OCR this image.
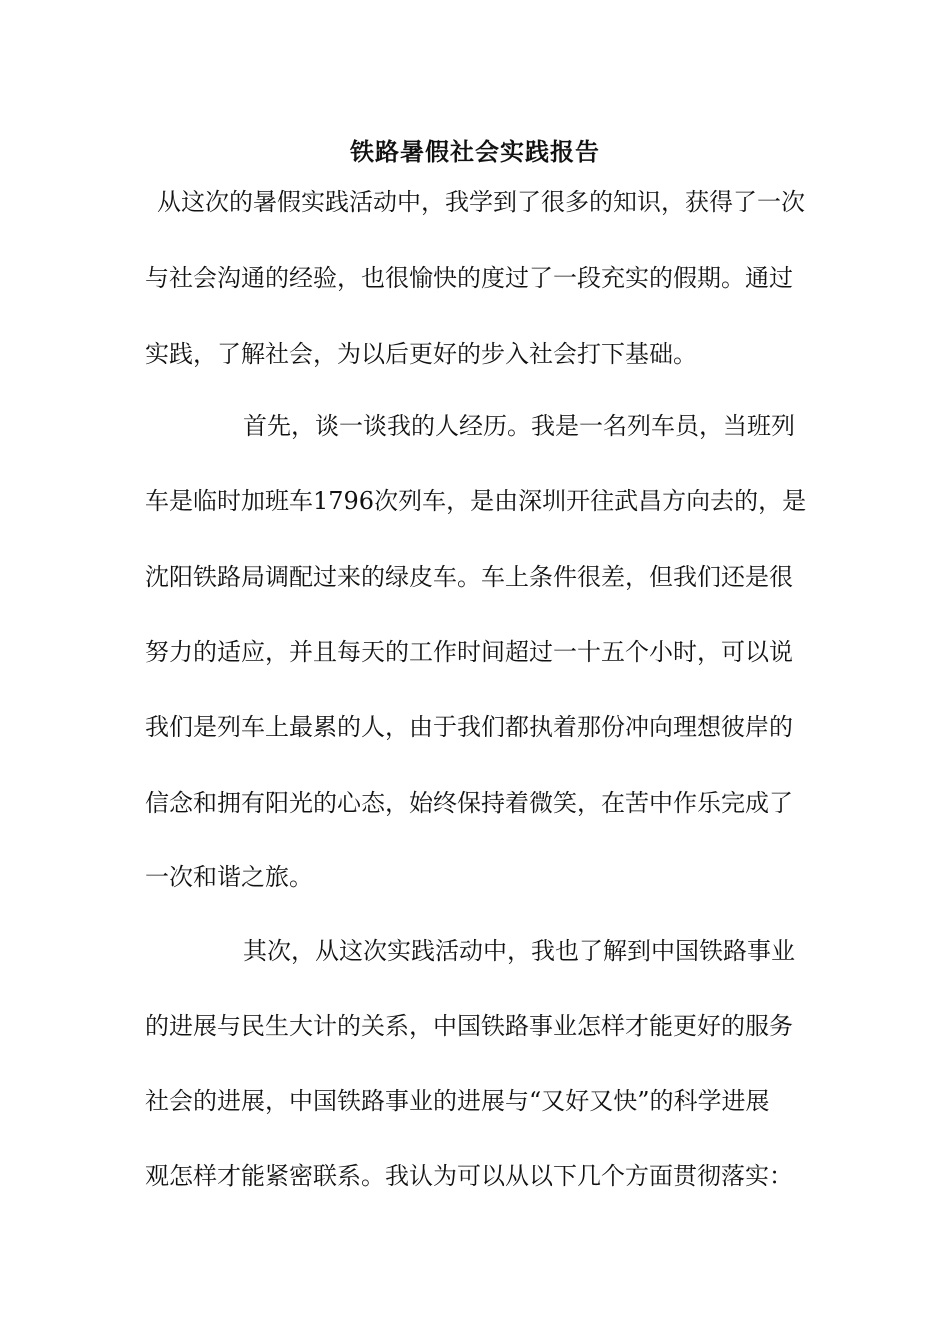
铁路暑假社会实践报告
从这次的暑假实践活动中，我学到了很多的知识，获得了一次
与社会沟通的经验，也很愉快的度过了一段充实的假期。通过
实践，了解社会，为以后更好的步入社会打下基础。
首先，谈一谈我的人经历。我是一名列车员，当班列
车是临时加班车1796次列车，是由深圳开往武昌方向去的，是
沈阳铁路局调配过来的绿皮车。车上条件很差，但我们还是很
努力的适应，并且每天的工作时间超过一十五个小时，可以说
我们是列车上最累的人，由于我们都执着那份冲向理想彼岸的
信念和拥有阳光的心态，始终保持着微笑，在苦中作乐完成了
一次和谐之旅。
其次，从这次实践活动中，我也了解到中国铁路事业
的进展与民生大计的关系，中国铁路事业怎样才能更好的服务
社会的进展，中国铁路事业的进展与“又好又快”的科学进展
观怎样才能紧密联系。我认为可以从以下几个方面贯彻落实：
